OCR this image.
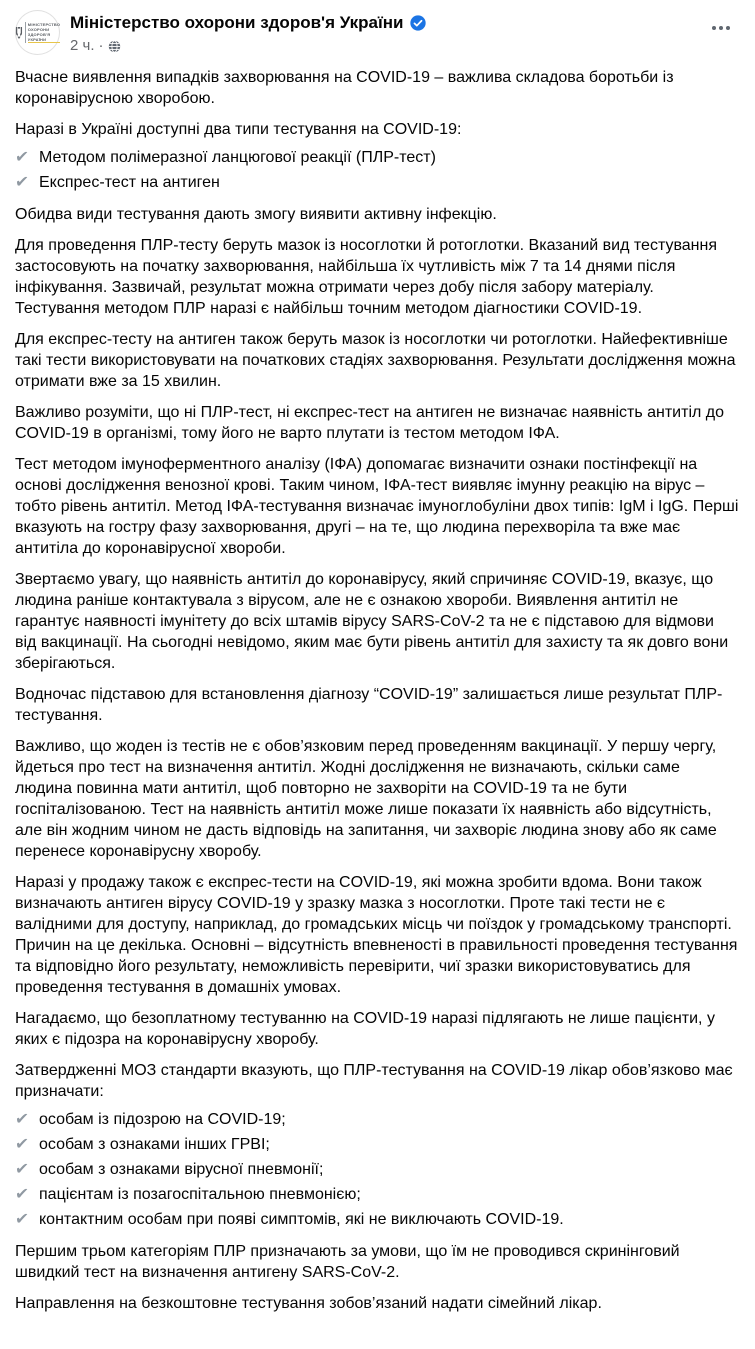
МІНІСТЕРСТВО
ОХОРОНИ
ЗДОРОВ'Я
УКРАЇНИ
Міністерство охорони здоров'я України
2 ч. ·
Вчасне виявлення випадків захворювання на COVID-19 – важлива складова боротьби із коронавірусною хворобою.
Наразі в Україні доступні два типи тестування на COVID-19:
✔ Методом полімеразної ланцюгової реакції (ПЛР-тест)
✔ Експрес-тест на антиген
Обидва види тестування дають змогу виявити активну інфекцію.
Для проведення ПЛР-тесту беруть мазок із носоглотки й ротоглотки. Вказаний вид тестування застосовують на початку захворювання, найбільша їх чутливість між 7 та 14 днями після інфікування. Зазвичай, результат можна отримати через добу після забору матеріалу. Тестування методом ПЛР наразі є найбільш точним методом діагностики COVID-19.
Для експрес-тесту на антиген також беруть мазок із носоглотки чи ротоглотки. Найефективніше такі тести використовувати на початкових стадіях захворювання. Результати дослідження можна отримати вже за 15 хвилин.
Важливо розуміти, що ні ПЛР-тест, ні експрес-тест на антиген не визначає наявність антитіл до COVID-19 в організмі, тому його не варто плутати із тестом методом ІФА.
Тест методом імуноферментного аналізу (ІФА) допомагає визначити ознаки постінфекції на основі дослідження венозної крові. Таким чином, ІФА-тест виявляє імунну реакцію на вірус – тобто рівень антитіл. Метод ІФА-тестування визначає імуноглобуліни двох типів: IgM і IgG. Перші вказують на гостру фазу захворювання, другі – на те, що людина перехворіла та вже має антитіла до коронавірусної хвороби.
Звертаємо увагу, що наявність антитіл до коронавірусу, який спричиняє COVID-19, вказує, що людина раніше контактувала з вірусом, але не є ознакою хвороби. Виявлення антитіл не гарантує наявності імунітету до всіх штамів вірусу SARS-CoV-2 та не є підставою для відмови від вакцинації. На сьогодні невідомо, яким має бути рівень антитіл для захисту та як довго вони зберігаються.
Водночас підставою для встановлення діагнозу “COVID-19” залишається лише результат ПЛР-тестування.
Важливо, що жоден із тестів не є обов’язковим перед проведенням вакцинації. У першу чергу, йдеться про тест на визначення антитіл. Жодні дослідження не визначають, скільки саме людина повинна мати антитіл, щоб повторно не захворіти на COVID-19 та не бути госпіталізованою. Тест на наявність антитіл може лише показати їх наявність або відсутність, але він жодним чином не дасть відповідь на запитання, чи захворіє людина знову або як саме перенесе коронавірусну хворобу.
Наразі у продажу також є експрес-тести на COVID-19, які можна зробити вдома. Вони також визначають антиген вірусу COVID-19 у зразку мазка з носоглотки. Проте такі тести не є валідними для доступу, наприклад, до громадських місць чи поїздок у громадському транспорті. Причин на це декілька. Основні – відсутність впевненості в правильності проведення тестування та відповідно його результату, неможливість перевірити, чиї зразки використовуватись для проведення тестування в домашніх умовах.
Нагадаємо, що безоплатному тестуванню на COVID-19 наразі підлягають не лише пацієнти, у яких є підозра на коронавірусну хворобу.
Затвердженні МОЗ стандарти вказують, що ПЛР-тестування на COVID-19 лікар обов’язково має призначати:
✔ особам із підозрою на COVID-19;
✔ особам з ознаками інших ГРВІ;
✔ особам з ознаками вірусної пневмонії;
✔ пацієнтам із позагоспітальною пневмонією;
✔ контактним особам при появі симптомів, які не виключають COVID-19.
Першим трьом категоріям ПЛР призначають за умови, що їм не проводився скринінговий швидкий тест на визначення антигену SARS-CoV-2.
Направлення на безкоштовне тестування зобов’язаний надати сімейний лікар.
